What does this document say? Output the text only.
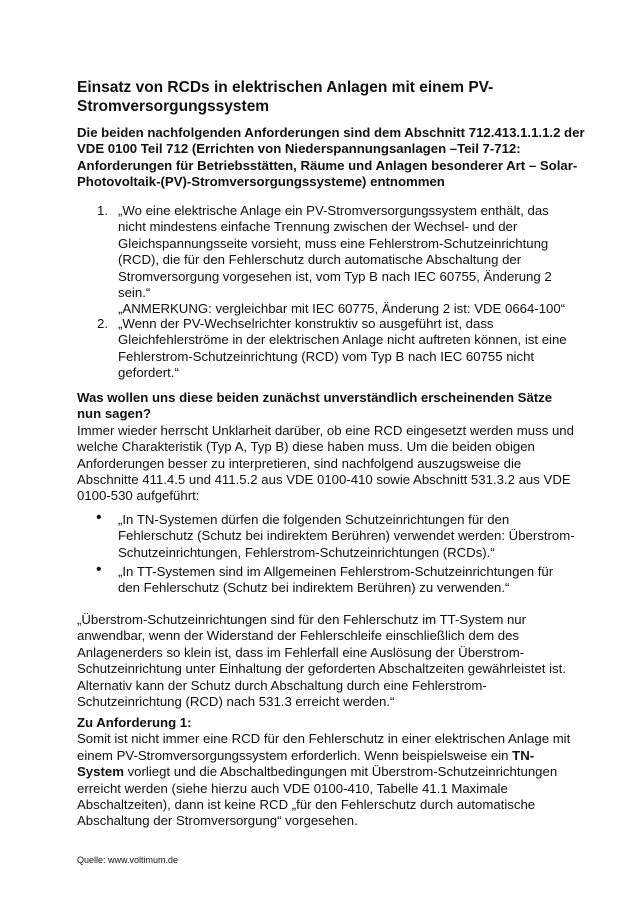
Einsatz von RCDs in elektrischen Anlagen mit einem PV-Stromversorgungssystem
Die beiden nachfolgenden Anforderungen sind dem Abschnitt 712.413.1.1.1.2 der VDE 0100 Teil 712 (Errichten von Niederspannungsanlagen –Teil 7-712: Anforderungen für Betriebsstätten, Räume und Anlagen besonderer Art – Solar-Photovoltaik-(PV)-Stromversorgungssysteme) entnommen
1. „Wo eine elektrische Anlage ein PV-Stromversorgungssystem enthält, das nicht mindestens einfache Trennung zwischen der Wechsel- und der Gleichspannungsseite vorsieht, muss eine Fehlerstrom-Schutzeinrichtung (RCD), die für den Fehlerschutz durch automatische Abschaltung der Stromversorgung vorgesehen ist, vom Typ B nach IEC 60755, Änderung 2 sein.“
„ANMERKUNG: vergleichbar mit IEC 60775, Änderung 2 ist: VDE 0664-100“
2. „Wenn der PV-Wechselrichter konstruktiv so ausgeführt ist, dass Gleichfehlerströme in der elektrischen Anlage nicht auftreten können, ist eine Fehlerstrom-Schutzeinrichtung (RCD) vom Typ B nach IEC 60755 nicht gefordert.“
Was wollen uns diese beiden zunächst unverständlich erscheinenden Sätze nun sagen?
Immer wieder herrscht Unklarheit darüber, ob eine RCD eingesetzt werden muss und welche Charakteristik (Typ A, Typ B) diese haben muss. Um die beiden obigen Anforderungen besser zu interpretieren, sind nachfolgend auszugsweise die Abschnitte 411.4.5 und 411.5.2 aus VDE 0100-410 sowie Abschnitt 531.3.2 aus VDE 0100-530 aufgeführt:
• „In TN-Systemen dürfen die folgenden Schutzeinrichtungen für den Fehlerschutz (Schutz bei indirektem Berühren) verwendet werden: Überstrom-Schutzeinrichtungen, Fehlerstrom-Schutzeinrichtungen (RCDs).“
• „In TT-Systemen sind im Allgemeinen Fehlerstrom-Schutzeinrichtungen für den Fehlerschutz (Schutz bei indirektem Berühren) zu verwenden.“
„Überstrom-Schutzeinrichtungen sind für den Fehlerschutz im TT-System nur anwendbar, wenn der Widerstand der Fehlerschleife einschließlich dem des Anlagenerders so klein ist, dass im Fehlerfall eine Auslösung der Überstrom-Schutzeinrichtung unter Einhaltung der geforderten Abschaltzeiten gewährleistet ist. Alternativ kann der Schutz durch Abschaltung durch eine Fehlerstrom-Schutzeinrichtung (RCD) nach 531.3 erreicht werden.“
Zu Anforderung 1:
Somit ist nicht immer eine RCD für den Fehlerschutz in einer elektrischen Anlage mit einem PV-Stromversorgungssystem erforderlich. Wenn beispielsweise ein TN-System vorliegt und die Abschaltbedingungen mit Überstrom-Schutzeinrichtungen erreicht werden (siehe hierzu auch VDE 0100-410, Tabelle 41.1 Maximale Abschaltzeiten), dann ist keine RCD „für den Fehlerschutz durch automatische Abschaltung der Stromversorgung“ vorgesehen.
Quelle: www.voltimum.de
